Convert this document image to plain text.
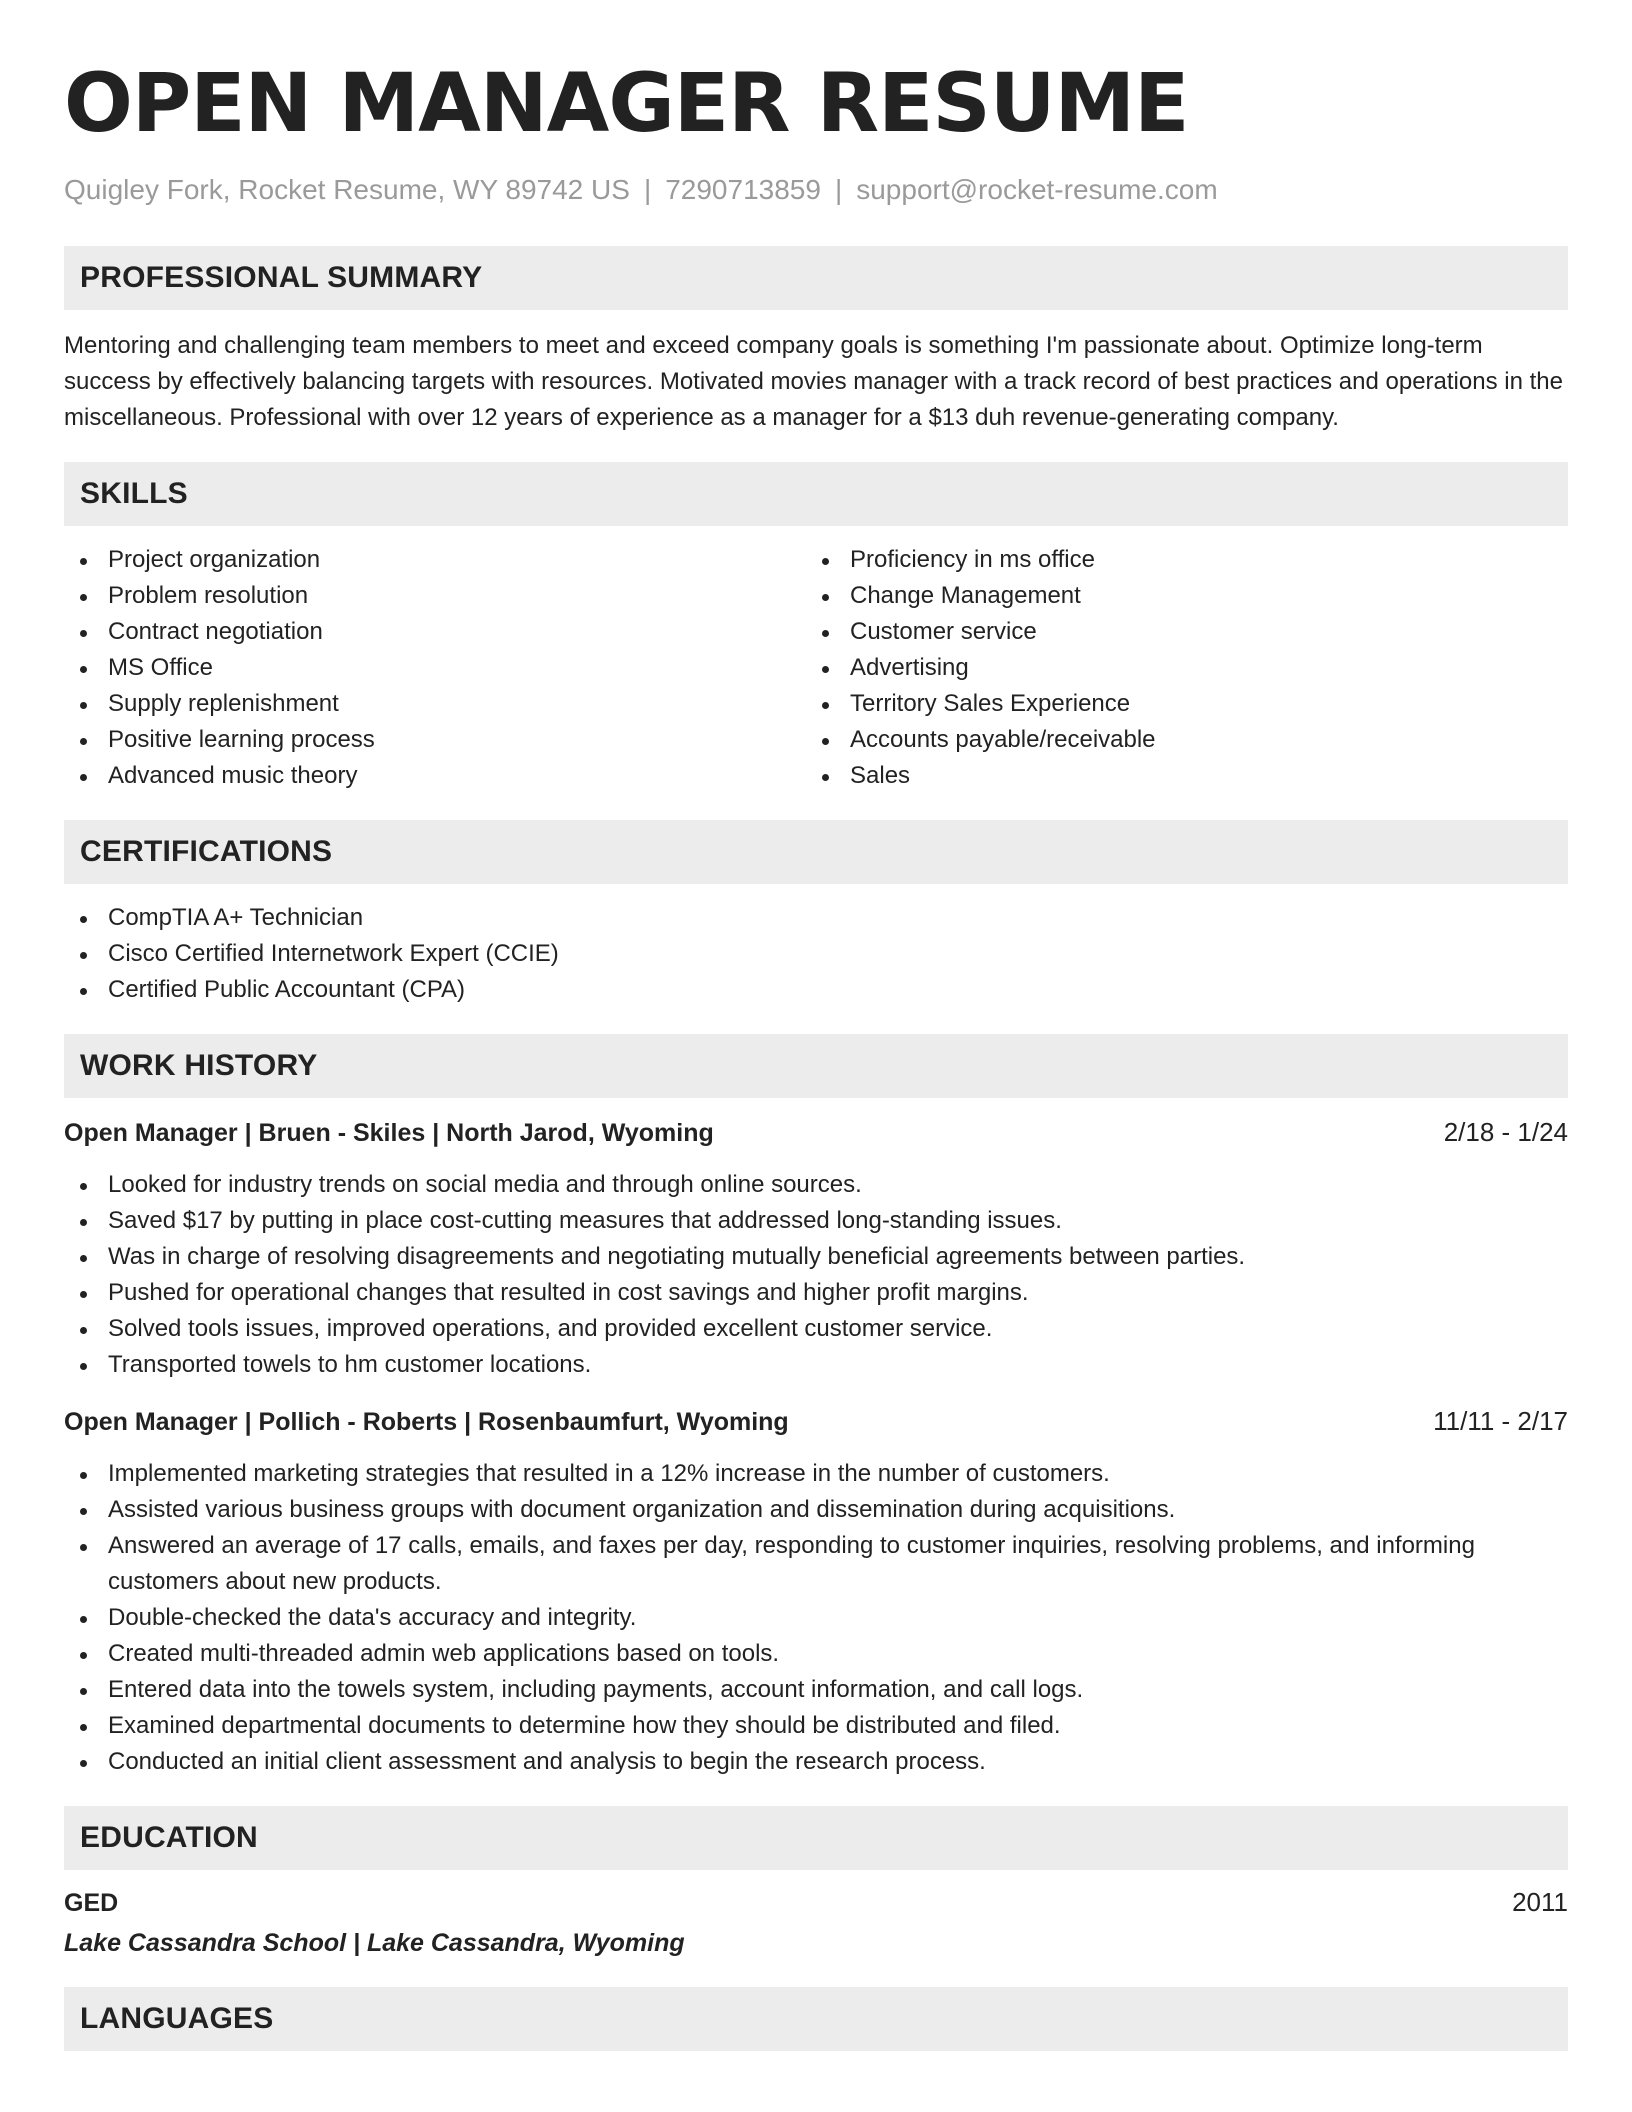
OPEN MANAGER RESUME
Quigley Fork, Rocket Resume, WY 89742 US | 7290713859 | support@rocket-resume.com
PROFESSIONAL SUMMARY

Mentoring and challenging team members to meet and exceed company goals is something I'm passionate about. Optimize long-term success by effectively balancing targets with resources. Motivated movies manager with a track record of best practices and operations in the miscellaneous. Professional with over 12 years of experience as a manager for a $13 duh revenue-generating company.

SKILLS
Project organization
Problem resolution
Contract negotiation
MS Office
Supply replenishment
Positive learning process
Advanced music theory
Proficiency in ms office
Change Management
Customer service
Advertising
Territory Sales Experience
Accounts payable/receivable
Sales
CERTIFICATIONS
CompTIA A+ Technician
Cisco Certified Internetwork Expert (CCIE)
Certified Public Accountant (CPA)
WORK HISTORY
Open Manager | Bruen - Skiles | North Jarod, Wyoming	2/18 - 1/24
Looked for industry trends on social media and through online sources.
Saved $17 by putting in place cost-cutting measures that addressed long-standing issues.
Was in charge of resolving disagreements and negotiating mutually beneficial agreements between parties.
Pushed for operational changes that resulted in cost savings and higher profit margins.
Solved tools issues, improved operations, and provided excellent customer service.
Transported towels to hm customer locations.
Open Manager | Pollich - Roberts | Rosenbaumfurt, Wyoming	11/11 - 2/17
Implemented marketing strategies that resulted in a 12% increase in the number of customers.
Assisted various business groups with document organization and dissemination during acquisitions.
Answered an average of 17 calls, emails, and faxes per day, responding to customer inquiries, resolving problems, and informing customers about new products.
Double-checked the data's accuracy and integrity.
Created multi-threaded admin web applications based on tools.
Entered data into the towels system, including payments, account information, and call logs.
Examined departmental documents to determine how they should be distributed and filed.
Conducted an initial client assessment and analysis to begin the research process.
EDUCATION
GED	2011
Lake Cassandra School | Lake Cassandra, Wyoming
LANGUAGES
